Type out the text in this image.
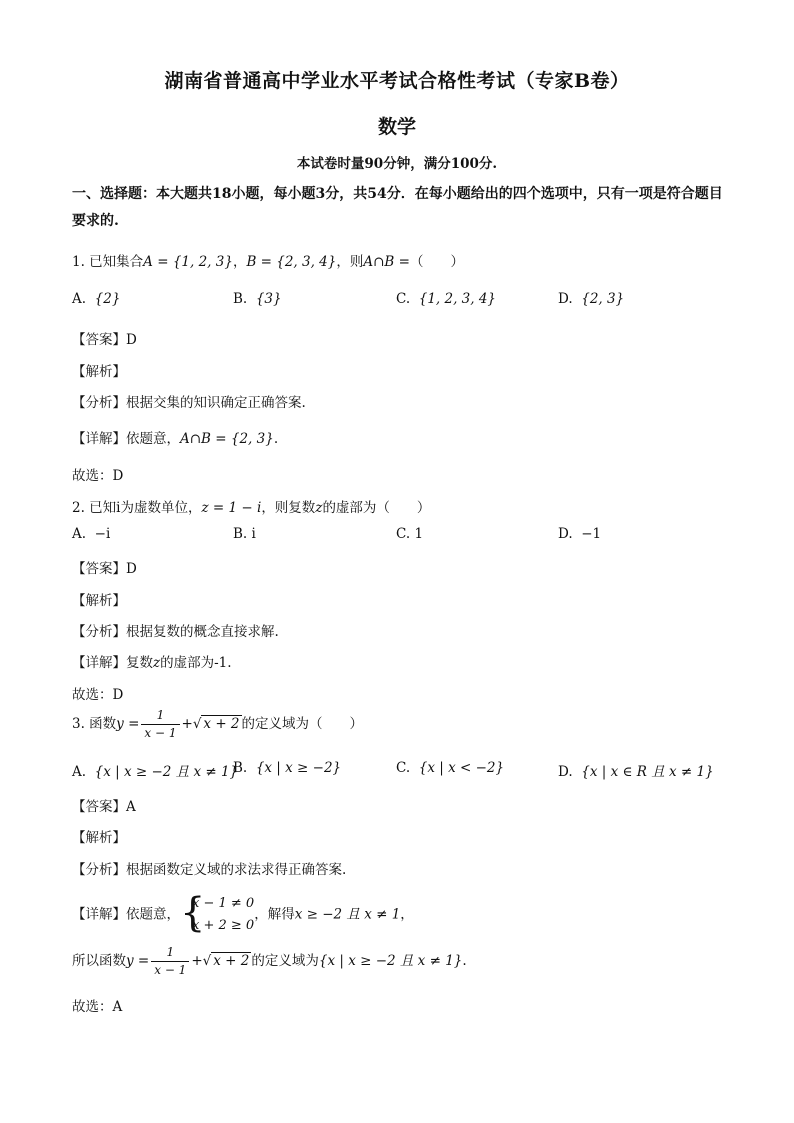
湖南省普通高中学业水平考试合格性考试（专家B卷）
数学
本试卷时量90分钟，满分100分.
一、选择题：本大题共18小题，每小题3分，共54分．在每小题给出的四个选项中，只有一项是符合题目要求的.
1. 已知集合A = {1, 2, 3}，B = {2, 3, 4}，则A∩B =（　　）
A. {2}	B. {3}	C. {1, 2, 3, 4}	D. {2, 3}
【答案】D
【解析】
【分析】根据交集的知识确定正确答案.
【详解】依题意，A∩B = {2, 3}.
故选：D
2. 已知i为虚数单位，z = 1 − i，则复数z的虚部为（　　）
A. −i	B. i	C. 1	D. −1
【答案】D
【解析】
【分析】根据复数的概念直接求解.
【详解】复数z的虚部为-1.
故选：D
3. 函数$y = \frac{1}{x - 1}$ +√ x + 2 的定义域为（　　）
A. {x | x ≥ −2 且 x ≠ 1}
B. {x | x ≥ −2}	C. {x | x < −2}	D. {x | x ∈ R 且 x ≠ 1}
【答案】A
【解析】
【分析】根据函数定义域的求法求得正确答案.
【详解】依题意， {
x − 1 ≠ 0
x + 2 ≥ 0
，解得x ≥ −2 且 x ≠ 1，
所以函数$y = \frac{1}{x - 1}$ +√ x + 2 的定义域为{x | x ≥ −2 且 x ≠ 1}.
故选：A
